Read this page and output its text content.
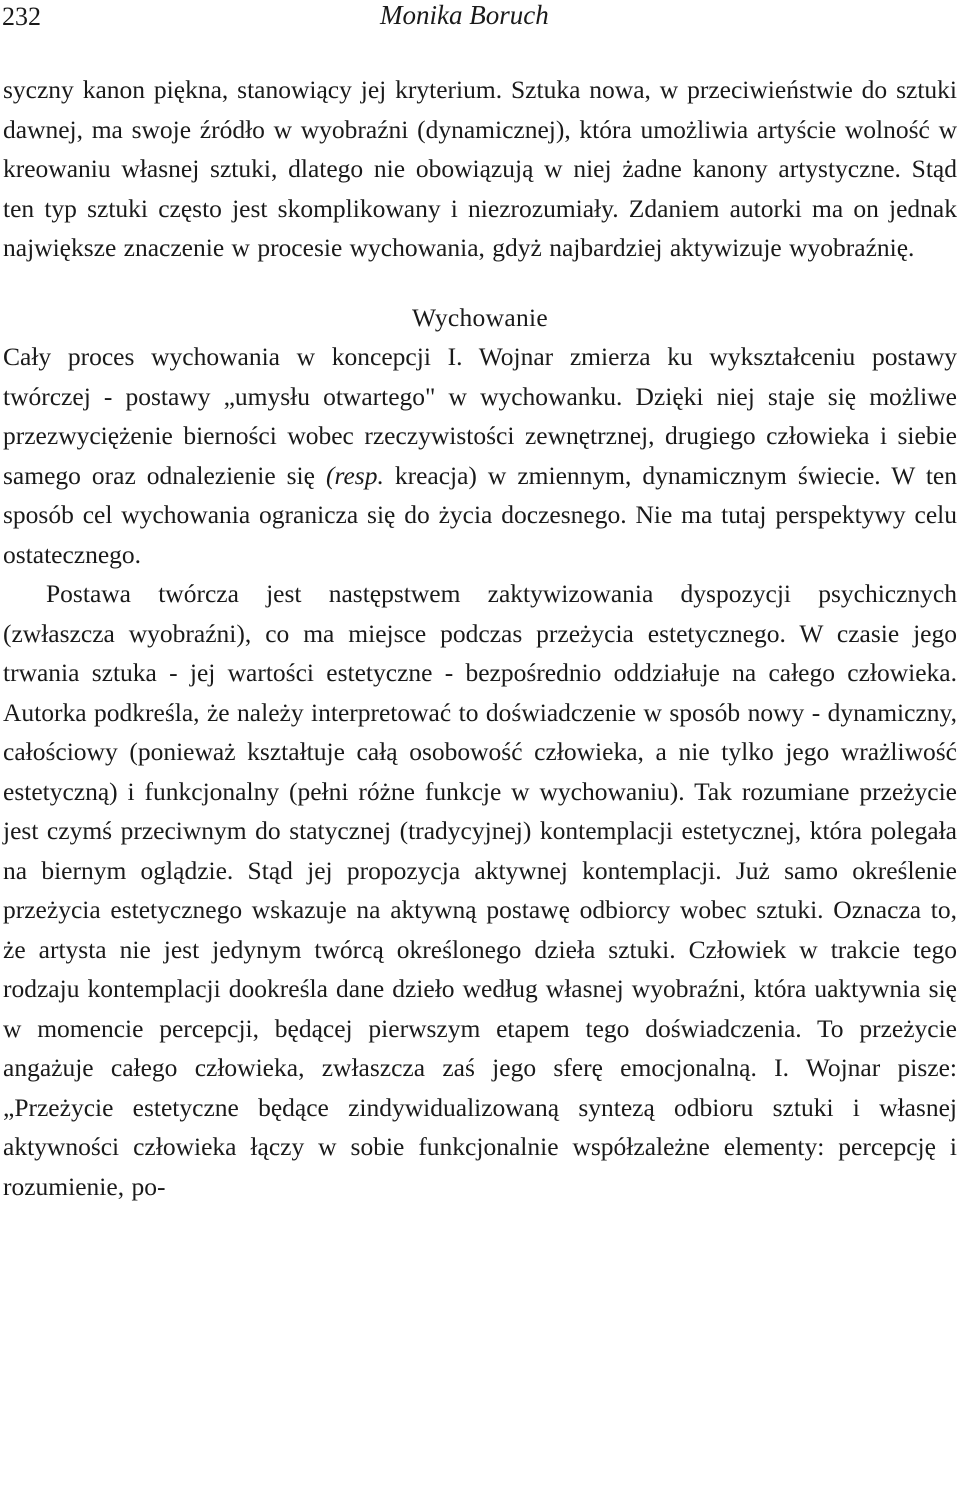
232	Monika Boruch

syczny kanon piękna, stanowiący jej kryterium. Sztuka nowa, w przeciwieństwie do sztuki dawnej, ma swoje źródło w wyobraźni (dynamicznej), która umożliwia artyście wolność w kreowaniu własnej sztuki, dlatego nie obowiązują w niej żadne kanony artystyczne. Stąd ten typ sztuki często jest skomplikowany i niezrozumiały. Zdaniem autorki ma on jednak największe znaczenie w procesie wychowania, gdyż najbardziej aktywizuje wyobraźnię.

Wychowanie

Cały proces wychowania w koncepcji I. Wojnar zmierza ku wykształceniu postawy twórczej - postawy „umysłu otwartego" w wychowanku. Dzięki niej staje się możliwe przezwyciężenie bierności wobec rzeczywistości zewnętrznej, drugiego człowieka i siebie samego oraz odnalezienie się (resp. kreacja) w zmiennym, dynamicznym świecie. W ten sposób cel wychowania ogranicza się do życia doczesnego. Nie ma tutaj perspektywy celu ostatecznego.

Postawa twórcza jest następstwem zaktywizowania dyspozycji psychicznych (zwłaszcza wyobraźni), co ma miejsce podczas przeżycia estetycznego. W czasie jego trwania sztuka - jej wartości estetyczne - bezpośrednio oddziałuje na całego człowieka. Autorka podkreśla, że należy interpretować to doświadczenie w sposób nowy - dynamiczny, całościowy (ponieważ kształtuje całą osobowość człowieka, a nie tylko jego wrażliwość estetyczną) i funkcjonalny (pełni różne funkcje w wychowaniu). Tak rozumiane przeżycie jest czymś przeciwnym do statycznej (tradycyjnej) kontemplacji estetycznej, która polegała na biernym oglądzie. Stąd jej propozycja aktywnej kontemplacji. Już samo określenie przeżycia estetycznego wskazuje na aktywną postawę odbiorcy wobec sztuki. Oznacza to, że artysta nie jest jedynym twórcą określonego dzieła sztuki. Człowiek w trakcie tego rodzaju kontemplacji dookreśla dane dzieło według własnej wyobraźni, która uaktywnia się w momencie percepcji, będącej pierwszym etapem tego doświadczenia. To przeżycie angażuje całego człowieka, zwłaszcza zaś jego sferę emocjonalną. I. Wojnar pisze: „Przeżycie estetyczne będące zindywidualizowaną syntezą odbioru sztuki i własnej aktywności człowieka łączy w sobie funkcjonalnie współzależne elementy: percepcję i rozumienie, po-
